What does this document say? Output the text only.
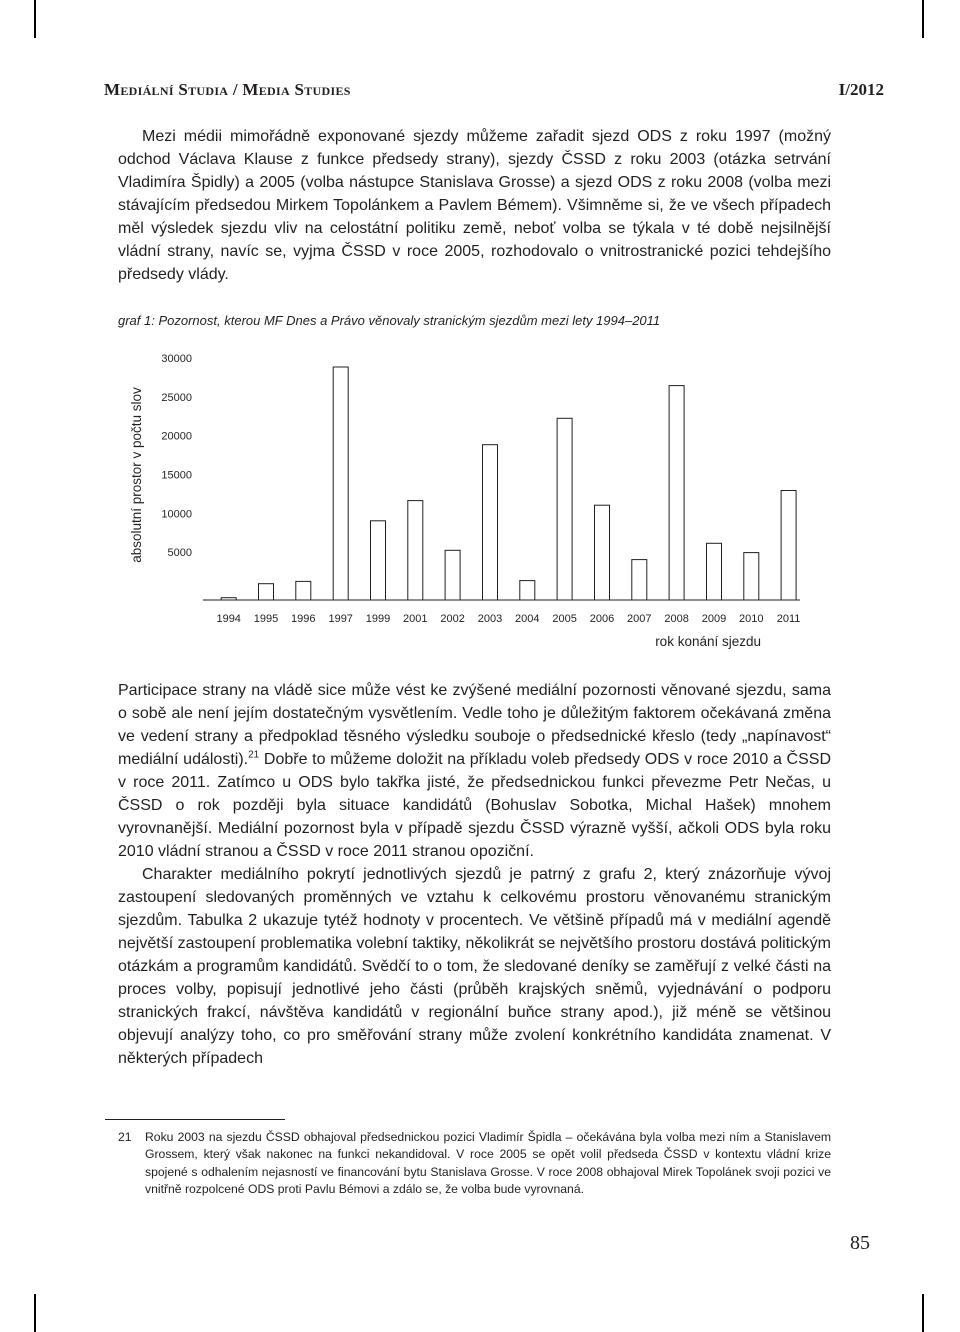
Mediální Studia / Media Studies	I/2012

Mezi médii mimořádně exponované sjezdy můžeme zařadit sjezd ODS z roku 1997 (možný odchod Václava Klause z funkce předsedy strany), sjezdy ČSSD z roku 2003 (otázka setrvání Vladimíra Špidly) a 2005 (volba nástupce Stanislava Grosse) a sjezd ODS z roku 2008 (volba mezi stávajícím předsedou Mirkem Topolánkem a Pavlem Bémem). Všimněme si, že ve všech případech měl výsledek sjezdu vliv na celostátní politiku země, neboť volba se týkala v té době nejsilnější vládní strany, navíc se, vyjma ČSSD v roce 2005, rozhodovalo o vnitrostranické pozici tehdejšího předsedy vlády.

graf 1: Pozornost, kterou MF Dnes a Právo věnovaly stranickým sjezdům mezi lety 1994–2011
5000
10000
15000
20000
25000
30000
1994 1995 1996 1997 1999 2001 2002 2003 2004 2005 2006 2007 2008 2009 2010 2011
absolutní prostor v počtu slov
rok konání sjezdu

Participace strany na vládě sice může vést ke zvýšené mediální pozornosti věnované sjezdu, sama o sobě ale není jejím dostatečným vysvětlením. Vedle toho je důležitým faktorem očekávaná změna ve vedení strany a předpoklad těsného výsledku souboje o předsednické křeslo (tedy „napínavost“ mediální události).$^{21}$ Dobře to můžeme doložit na příkladu voleb předsedy ODS v roce 2010 a ČSSD v roce 2011. Zatímco u ODS bylo takřka jisté, že předsednickou funkci převezme Petr Nečas, u ČSSD o rok později byla situace kandidátů (Bohuslav Sobotka, Michal Hašek) mnohem vyrovnanější. Mediální pozornost byla v případě sjezdu ČSSD výrazně vyšší, ačkoli ODS byla roku 2010 vládní stranou a ČSSD v roce 2011 stranou opoziční.

Charakter mediálního pokrytí jednotlivých sjezdů je patrný z grafu 2, který znázorňuje vývoj zastoupení sledovaných proměnných ve vztahu k celkovému prostoru věnovanému stranickým sjezdům. Tabulka 2 ukazuje tytéž hodnoty v procentech. Ve většině případů má v mediální agendě největší zastoupení problematika volební taktiky, několikrát se největšího prostoru dostává politickým otázkám a programům kandidátů. Svědčí to o tom, že sledované deníky se zaměřují z velké části na proces volby, popisují jednotlivé jeho části (průběh krajských sněmů, vyjednávání o podporu stranických frakcí, návštěva kandidátů v regionální buňce strany apod.), již méně se většinou objevují analýzy toho, co pro směřování strany může zvolení konkrétního kandidáta znamenat. V některých případech

21 Roku 2003 na sjezdu ČSSD obhajoval předsednickou pozici Vladimír Špidla – očekávána byla volba mezi ním a Stanislavem Grossem, který však nakonec na funkci nekandidoval. V roce 2005 se opět volil předseda ČSSD v kontextu vládní krize spojené s odhalením nejasností ve financování bytu Stanislava Grosse. V roce 2008 obhajoval Mirek Topolánek svoji pozici ve vnitřně rozpolcené ODS proti Pavlu Bémovi a zdálo se, že volba bude vyrovnaná.
85
